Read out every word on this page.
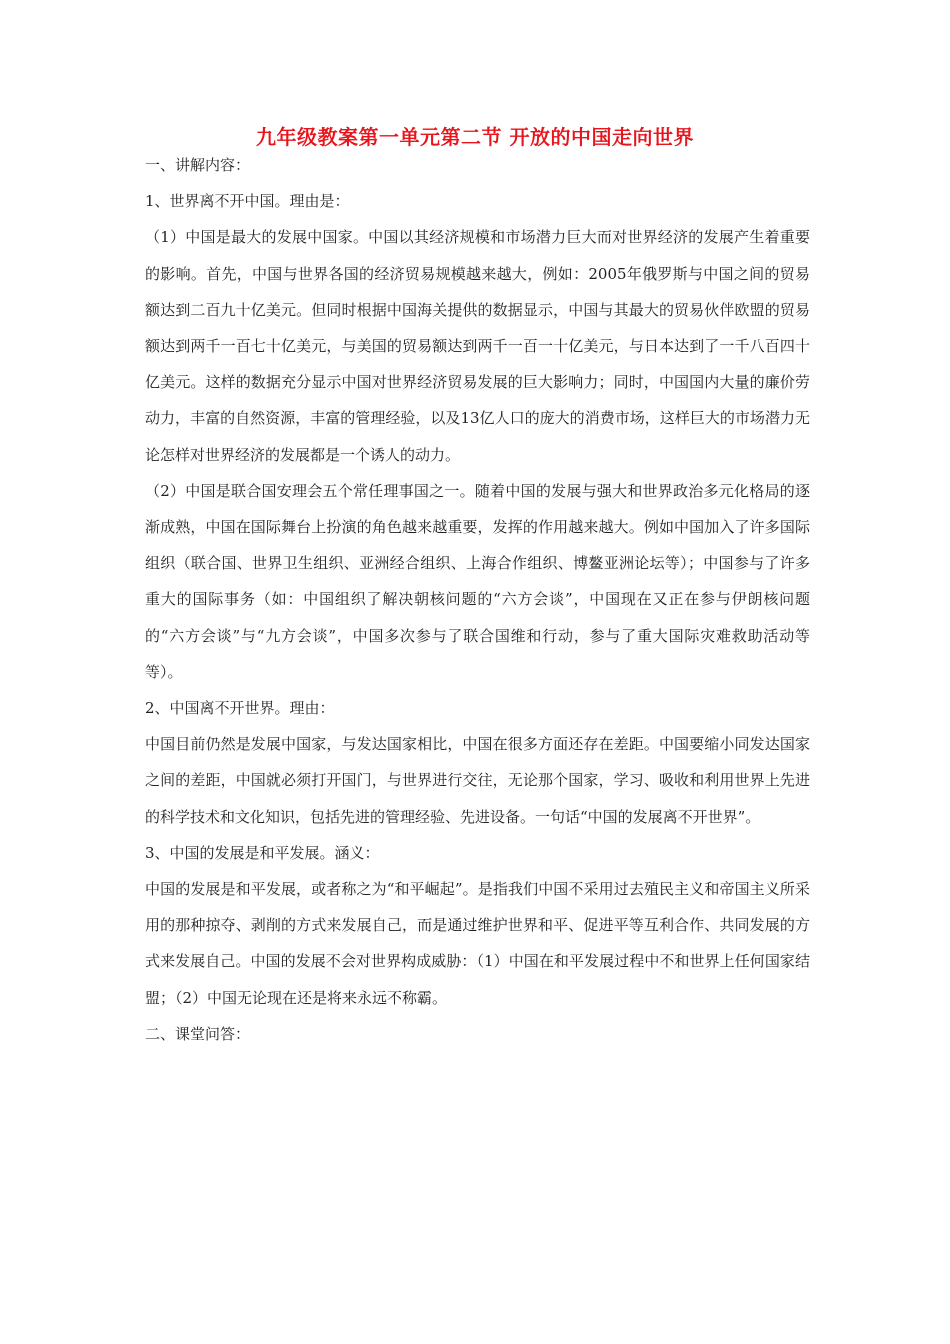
九年级教案第一单元第二节 开放的中国走向世界

一、讲解内容：

1、世界离不开中国。理由是：

（1）中国是最大的发展中国家。中国以其经济规模和市场潜力巨大而对世界经济的发展产生着重要的影响。首先，中国与世界各国的经济贸易规模越来越大，例如：2005年俄罗斯与中国之间的贸易额达到二百九十亿美元。但同时根据中国海关提供的数据显示，中国与其最大的贸易伙伴欧盟的贸易额达到两千一百七十亿美元，与美国的贸易额达到两千一百一十亿美元，与日本达到了一千八百四十亿美元。这样的数据充分显示中国对世界经济贸易发展的巨大影响力；同时，中国国内大量的廉价劳动力，丰富的自然资源，丰富的管理经验，以及13亿人口的庞大的消费市场，这样巨大的市场潜力无论怎样对世界经济的发展都是一个诱人的动力。

（2）中国是联合国安理会五个常任理事国之一。随着中国的发展与强大和世界政治多元化格局的逐渐成熟，中国在国际舞台上扮演的角色越来越重要，发挥的作用越来越大。例如中国加入了许多国际组织（联合国、世界卫生组织、亚洲经合组织、上海合作组织、博鳌亚洲论坛等）；中国参与了许多重大的国际事务（如：中国组织了解决朝核问题的“六方会谈”，中国现在又正在参与伊朗核问题的“六方会谈”与“九方会谈”，中国多次参与了联合国维和行动，参与了重大国际灾难救助活动等等）。

2、中国离不开世界。理由：

中国目前仍然是发展中国家，与发达国家相比，中国在很多方面还存在差距。中国要缩小同发达国家之间的差距，中国就必须打开国门，与世界进行交往，无论那个国家，学习、吸收和利用世界上先进的科学技术和文化知识，包括先进的管理经验、先进设备。一句话“中国的发展离不开世界”。

3、中国的发展是和平发展。涵义：

中国的发展是和平发展，或者称之为“和平崛起”。是指我们中国不采用过去殖民主义和帝国主义所采用的那种掠夺、剥削的方式来发展自己，而是通过维护世界和平、促进平等互利合作、共同发展的方式来发展自己。中国的发展不会对世界构成威胁：（1）中国在和平发展过程中不和世界上任何国家结盟；（2）中国无论现在还是将来永远不称霸。

二、课堂问答：
